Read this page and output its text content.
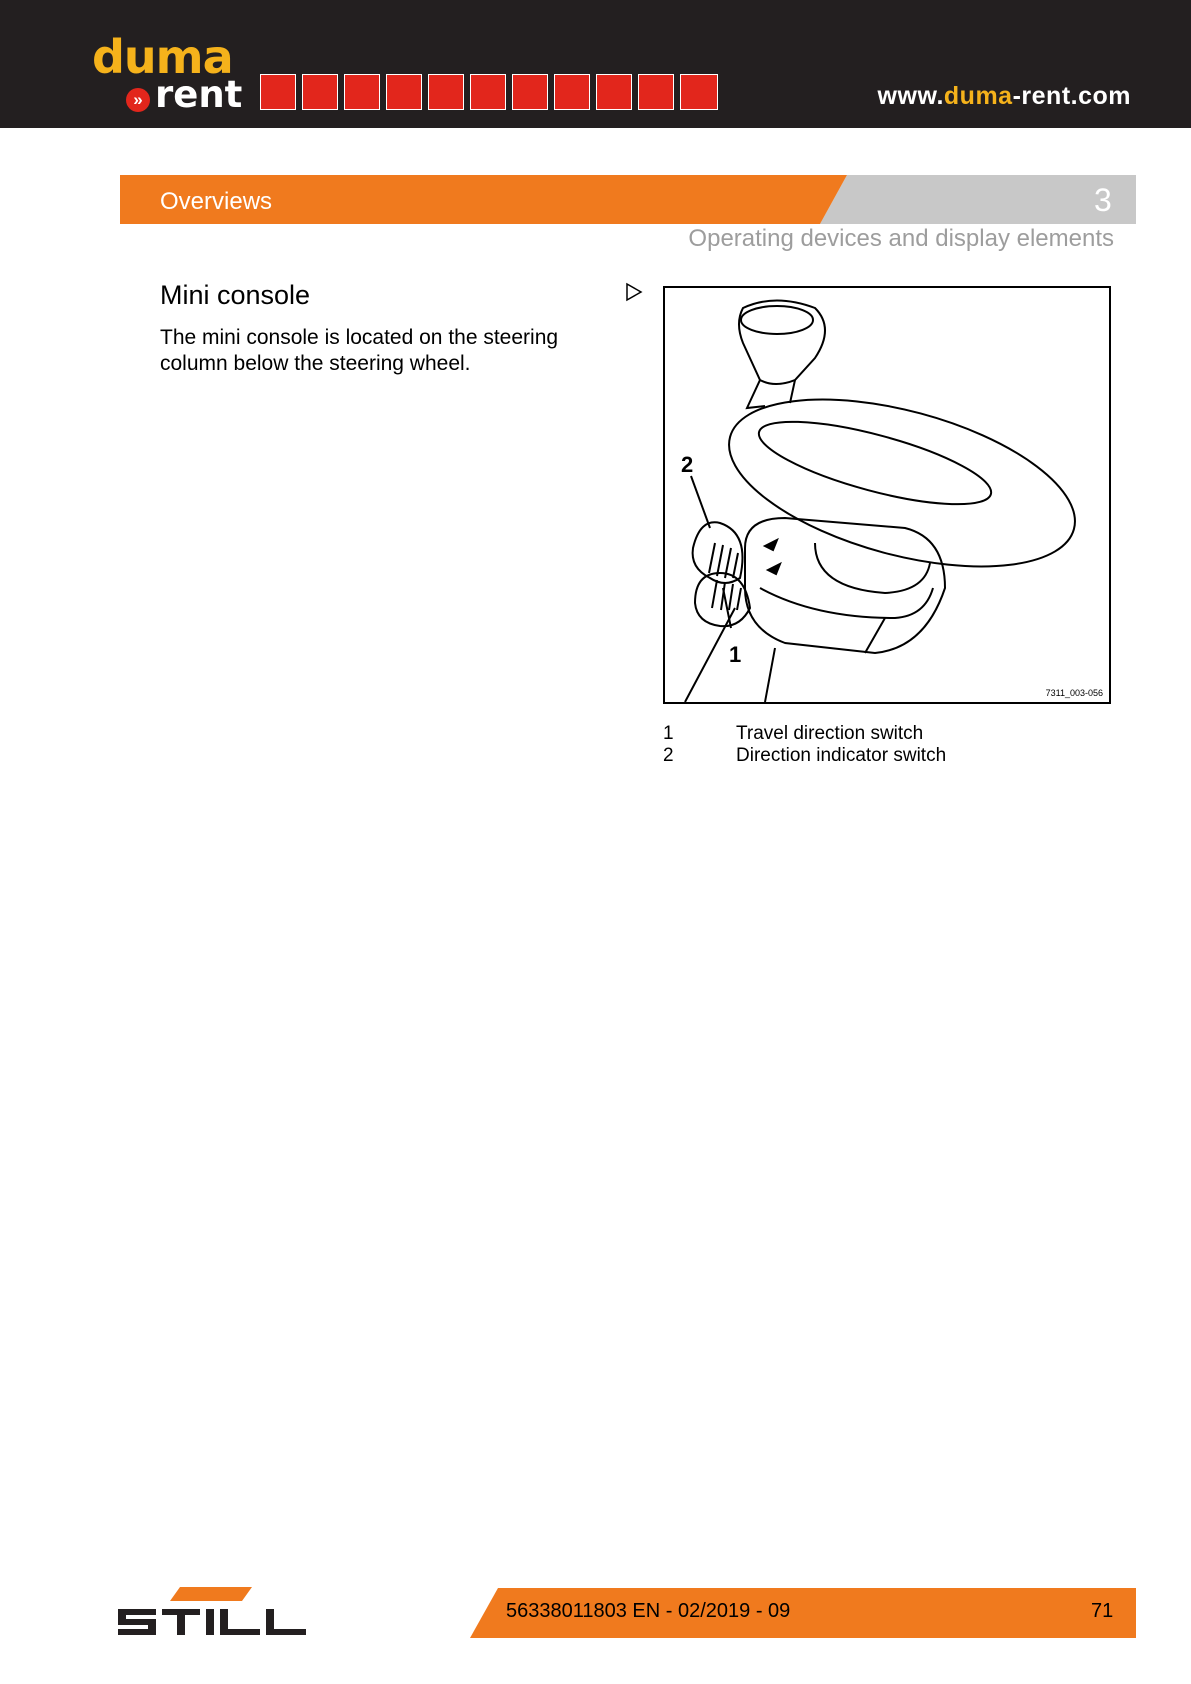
duma
» rent	www.duma-rent.com
Overviews	3
Operating devices and display elements
Mini console
The mini console is located on the steering column below the steering wheel.
2
1
7311_003-056
1	Travel direction switch
2	Direction indicator switch
56338011803 EN - 02/2019 - 09	71
